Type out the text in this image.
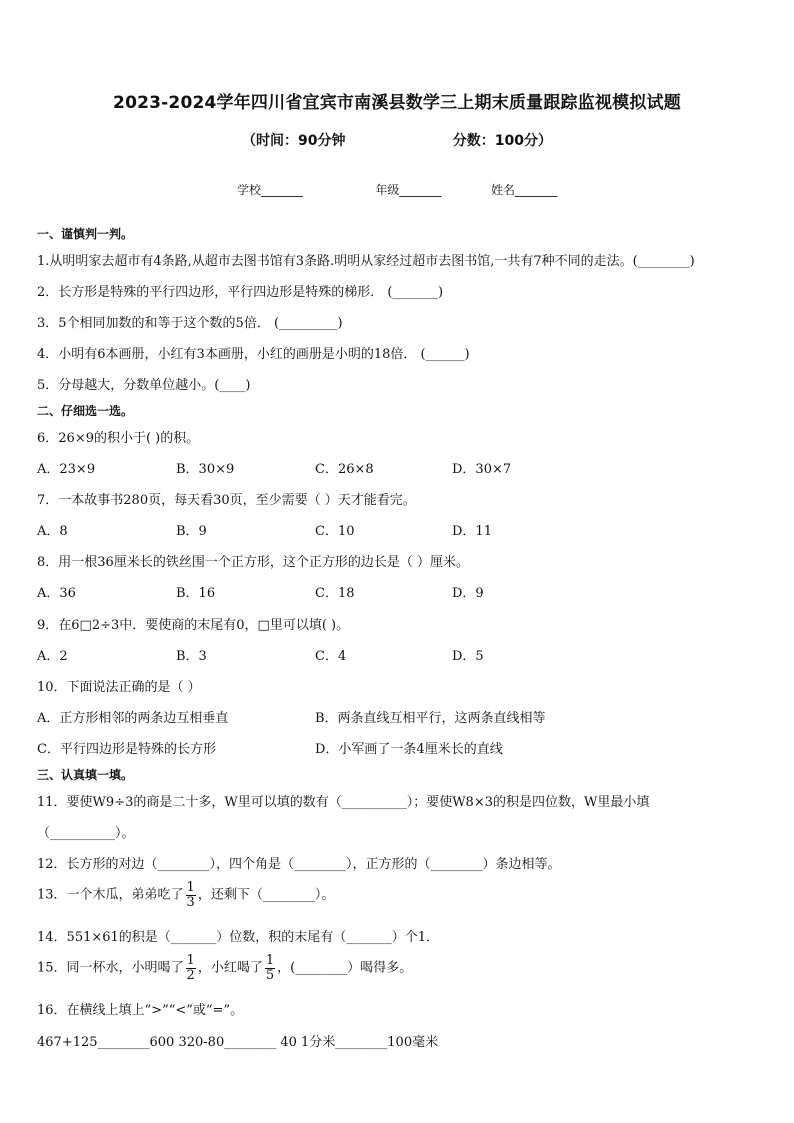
2023-2024学年四川省宜宾市南溪县数学三上期末质量跟踪监视模拟试题
（时间：90分钟                      分数：100分）
学校_______                   年级_______             姓名_______
一、谨慎判一判。
1.从明明家去超市有4条路,从超市去图书馆有3条路.明明从家经过超市去图书馆,一共有7种不同的走法。(________)
2．长方形是特殊的平行四边形，平行四边形是特殊的梯形． (_______)
3．5个相同加数的和等于这个数的5倍． (_________)
4．小明有6本画册，小红有3本画册，小红的画册是小明的18倍． (______)
5．分母越大，分数单位越小。(____)
二、仔细选一选。
6．26×9的积小于( )的积。
A．23×9	B．30×9	C．26×8	D．30×7
7．一本故事书280页，每天看30页，至少需要（ ）天才能看完。
A．8	B．9	C．10	D．11
8．用一根36厘米长的铁丝围一个正方形，这个正方形的边长是（ ）厘米。
A．36	B．16	C．18	D．9
9．在6□2÷3中．要使商的末尾有0，□里可以填( )。
A．2	B．3	C．4	D．5
10．下面说法正确的是（ ）
A．正方形相邻的两条边互相垂直	B．两条直线互相平行，这两条直线相等
C．平行四边形是特殊的长方形	D．小军画了一条4厘米长的直线
三、认真填一填。
11．要使W9÷3的商是二十多，W里可以填的数有（__________）；要使W8×3的积是四位数，W里最小填
（__________）。
12．长方形的对边（________），四个角是（________），正方形的（________）条边相等。
13．一个木瓜，弟弟吃了 $\frac{1}{3}$ ，还剩下（________）。
14．551×61的积是（_______）位数，积的末尾有（_______）个1．
15．同一杯水，小明喝了 $\frac{1}{2}$ ，小红喝了 $\frac{1}{5}$ ，(________）喝得多。
16．在横线上填上“>”“<”或“=”。
467+125________600 320-80________ 40 1分米________100毫米
